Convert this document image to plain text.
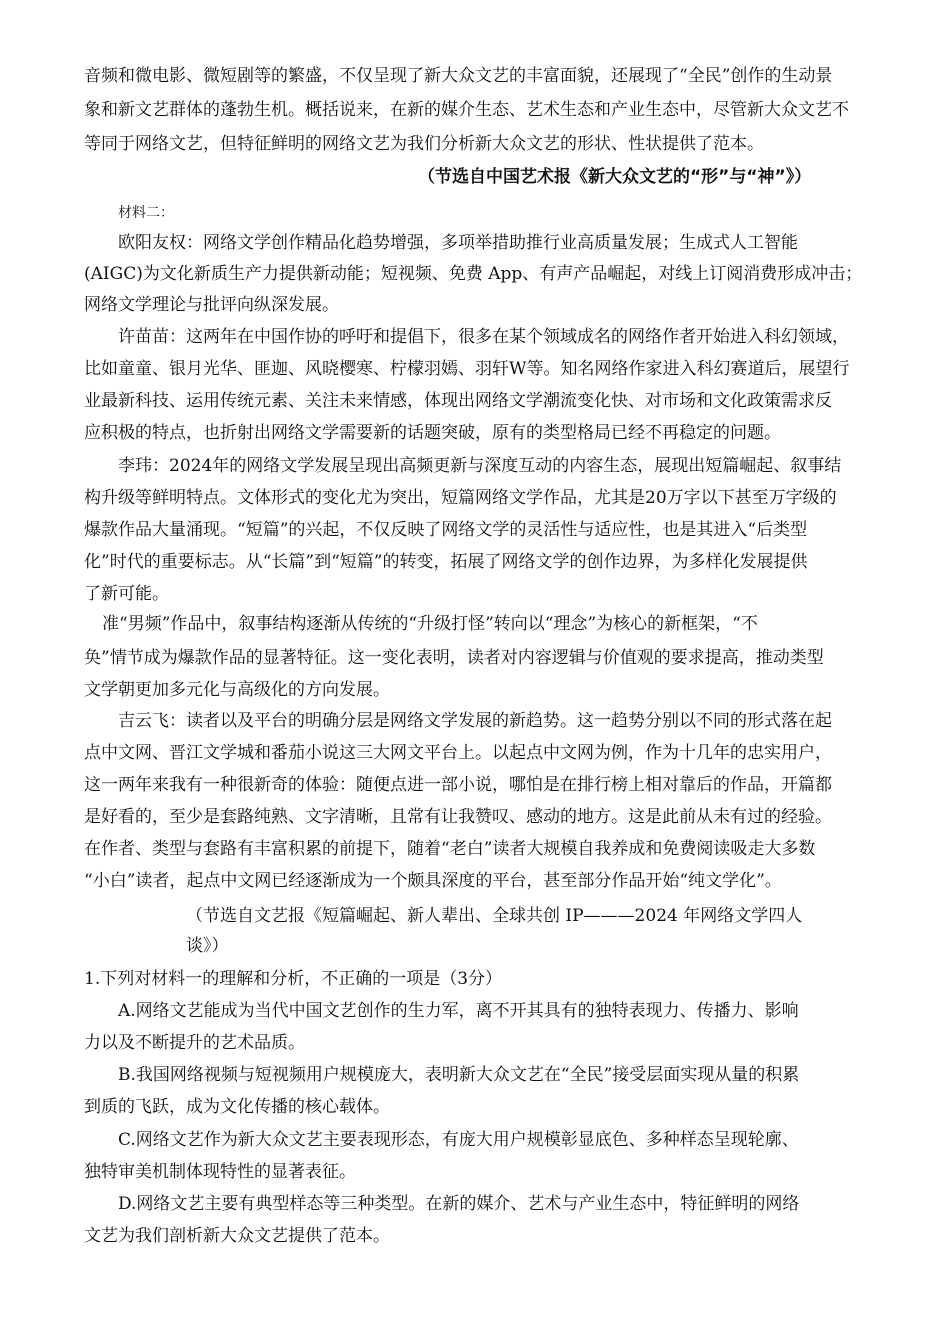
音频和微电影、微短剧等的繁盛，不仅呈现了新大众文艺的丰富面貌，还展现了“全民”创作的生动景
象和新文艺群体的蓬勃生机。概括说来，在新的媒介生态、艺术生态和产业生态中，尽管新大众文艺不
等同于网络文艺，但特征鲜明的网络文艺为我们分析新大众文艺的形状、性状提供了范本。
（节选自中国艺术报《新大众文艺的“形”与“神”》）
材料二：
欧阳友权：网络文学创作精品化趋势增强，多项举措助推行业高质量发展；生成式人工智能
(AIGC)为文化新质生产力提供新动能；短视频、免费 App、有声产品崛起，对线上订阅消费形成冲击；
网络文学理论与批评向纵深发展。
许苗苗：这两年在中国作协的呼吁和提倡下，很多在某个领域成名的网络作者开始进入科幻领域，
比如童童、银月光华、匪迦、风晓樱寒、柠檬羽嫣、羽轩W等。知名网络作家进入科幻赛道后，展望行
业最新科技、运用传统元素、关注未来情感，体现出网络文学潮流变化快、对市场和文化政策需求反
应积极的特点，也折射出网络文学需要新的话题突破，原有的类型格局已经不再稳定的问题。
李玮：2024年的网络文学发展呈现出高频更新与深度互动的内容生态，展现出短篇崛起、叙事结
构升级等鲜明特点。文体形式的变化尤为突出，短篇网络文学作品，尤其是20万字以下甚至万字级的
爆款作品大量涌现。“短篇”的兴起，不仅反映了网络文学的灵活性与适应性，也是其进入“后类型
化”时代的重要标志。从“长篇”到“短篇”的转变，拓展了网络文学的创作边界，为多样化发展提供
了新可能。
准“男频”作品中，叙事结构逐渐从传统的“升级打怪”转向以“理念”为核心的新框架，“不
奂”情节成为爆款作品的显著特征。这一变化表明，读者对内容逻辑与价值观的要求提高，推动类型
文学朝更加多元化与高级化的方向发展。
吉云飞：读者以及平台的明确分层是网络文学发展的新趋势。这一趋势分别以不同的形式落在起
点中文网、晋江文学城和番茄小说这三大网文平台上。以起点中文网为例，作为十几年的忠实用户，
这一两年来我有一种很新奇的体验：随便点进一部小说，哪怕是在排行榜上相对靠后的作品，开篇都
是好看的，至少是套路纯熟、文字清晰，且常有让我赞叹、感动的地方。这是此前从未有过的经验。
在作者、类型与套路有丰富积累的前提下，随着“老白”读者大规模自我养成和免费阅读吸走大多数
“小白”读者，起点中文网已经逐渐成为一个颇具深度的平台，甚至部分作品开始“纯文学化”。
（节选自文艺报《短篇崛起、新人辈出、全球共创 IP———2024 年网络文学四人
谈》）
1.下列对材料一的理解和分析，不正确的一项是（3分）
A.网络文艺能成为当代中国文艺创作的生力军，离不开其具有的独特表现力、传播力、影响
力以及不断提升的艺术品质。
B.我国网络视频与短视频用户规模庞大，表明新大众文艺在“全民”接受层面实现从量的积累
到质的飞跃，成为文化传播的核心载体。
C.网络文艺作为新大众文艺主要表现形态，有庞大用户规模彰显底色、多种样态呈现轮廓、
独特审美机制体现特性的显著表征。
D.网络文艺主要有典型样态等三种类型。在新的媒介、艺术与产业生态中，特征鲜明的网络
文艺为我们剖析新大众文艺提供了范本。
